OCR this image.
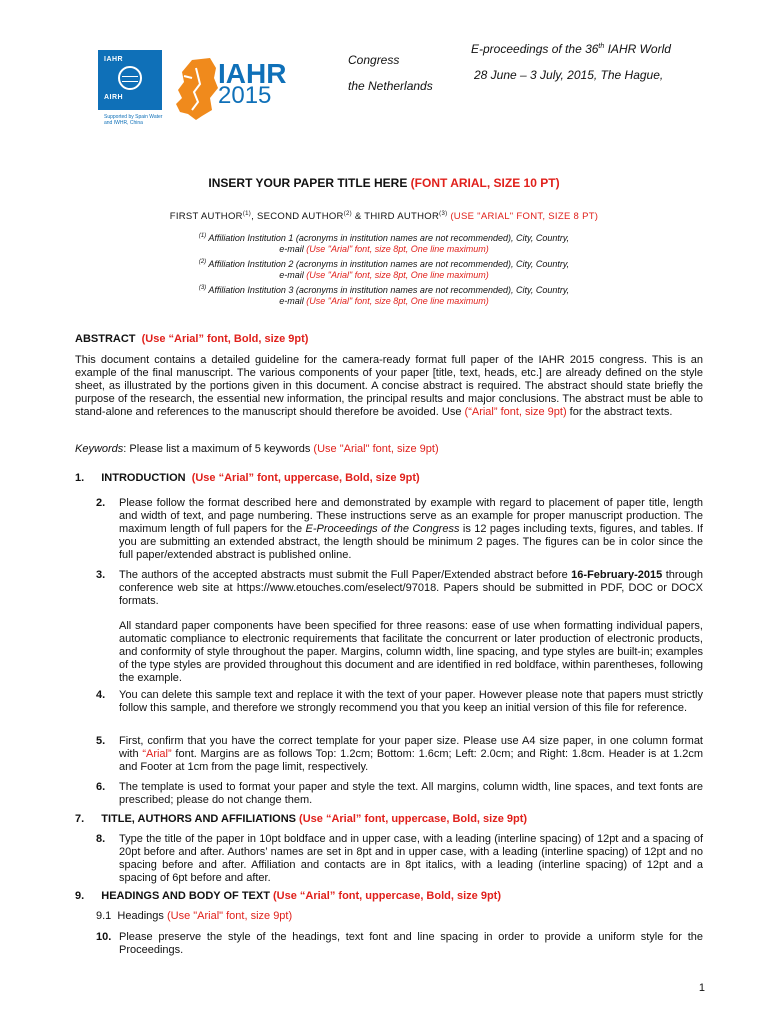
IAHR
AIRH
Supported by Spain Water and IWHR, China
IAHR
2015
E-proceedings of the 36th IAHR World
Congress
28 June – 3 July, 2015, The Hague,
the Netherlands
INSERT YOUR PAPER TITLE HERE (FONT ARIAL, SIZE 10 PT)
FIRST AUTHOR$^{(1)}$, SECOND AUTHOR$^{(2)}$ & THIRD AUTHOR$^{(3)}$ (USE "ARIAL" FONT, SIZE 8 PT)
$^{(1)}$ Affiliation Institution 1 (acronyms in institution names are not recommended), City, Country,
e-mail (Use "Arial" font, size 8pt, One line maximum)
$^{(2)}$ Affiliation Institution 2 (acronyms in institution names are not recommended), City, Country,
e-mail (Use "Arial" font, size 8pt, One line maximum)
$^{(3)}$ Affiliation Institution 3 (acronyms in institution names are not recommended), City, Country,
e-mail (Use "Arial" font, size 8pt, One line maximum)
ABSTRACT (Use “Arial” font, Bold, size 9pt)
This document contains a detailed guideline for the camera-ready format full paper of the IAHR 2015 congress. This is an example of the final manuscript. The various components of your paper [title, text, heads, etc.] are already defined on the style sheet, as illustrated by the portions given in this document. A concise abstract is required. The abstract should state briefly the purpose of the research, the essential new information, the principal results and major conclusions. The abstract must be able to stand-alone and references to the manuscript should therefore be avoided. Use (“Arial” font, size 9pt) for the abstract texts.
Keywords: Please list a maximum of 5 keywords (Use "Arial" font, size 9pt)
1. INTRODUCTION (Use “Arial” font, uppercase, Bold, size 9pt)
2. Please follow the format described here and demonstrated by example with regard to placement of paper title, length and width of text, and page numbering. These instructions serve as an example for proper manuscript production. The maximum length of full papers for the E-Proceedings of the Congress is 12 pages including texts, figures, and tables. If you are submitting an extended abstract, the length should be minimum 2 pages. The figures can be in color since the full paper/extended abstract is published online.
3. The authors of the accepted abstracts must submit the Full Paper/Extended abstract before 16-February-2015 through conference web site at https://www.etouches.com/eselect/97018. Papers should be submitted in PDF, DOC or DOCX formats.
All standard paper components have been specified for three reasons: ease of use when formatting individual papers, automatic compliance to electronic requirements that facilitate the concurrent or later production of electronic products, and conformity of style throughout the paper. Margins, column width, line spacing, and type styles are built-in; examples of the type styles are provided throughout this document and are identified in red boldface, within parentheses, following the example.
4. You can delete this sample text and replace it with the text of your paper. However please note that papers must strictly follow this sample, and therefore we strongly recommend you that you keep an initial version of this file for reference.
5. First, confirm that you have the correct template for your paper size. Please use A4 size paper, in one column format with “Arial” font. Margins are as follows Top: 1.2cm; Bottom: 1.6cm; Left: 2.0cm; and Right: 1.8cm. Header is at 1.2cm and Footer at 1cm from the page limit, respectively.
6. The template is used to format your paper and style the text. All margins, column width, line spaces, and text fonts are prescribed; please do not change them.
7. TITLE, AUTHORS AND AFFILIATIONS (Use “Arial” font, uppercase, Bold, size 9pt)
8. Type the title of the paper in 10pt boldface and in upper case, with a leading (interline spacing) of 12pt and a spacing of 20pt before and after. Authors’ names are set in 8pt and in upper case, with a leading (interline spacing) of 12pt and no spacing before and after. Affiliation and contacts are in 8pt italics, with a leading (interline spacing) of 12pt and a spacing of 6pt before and after.
9. HEADINGS AND BODY OF TEXT (Use “Arial” font, uppercase, Bold, size 9pt)
9.1 Headings (Use "Arial" font, size 9pt)
10. Please preserve the style of the headings, text font and line spacing in order to provide a uniform style for the Proceedings.
1
